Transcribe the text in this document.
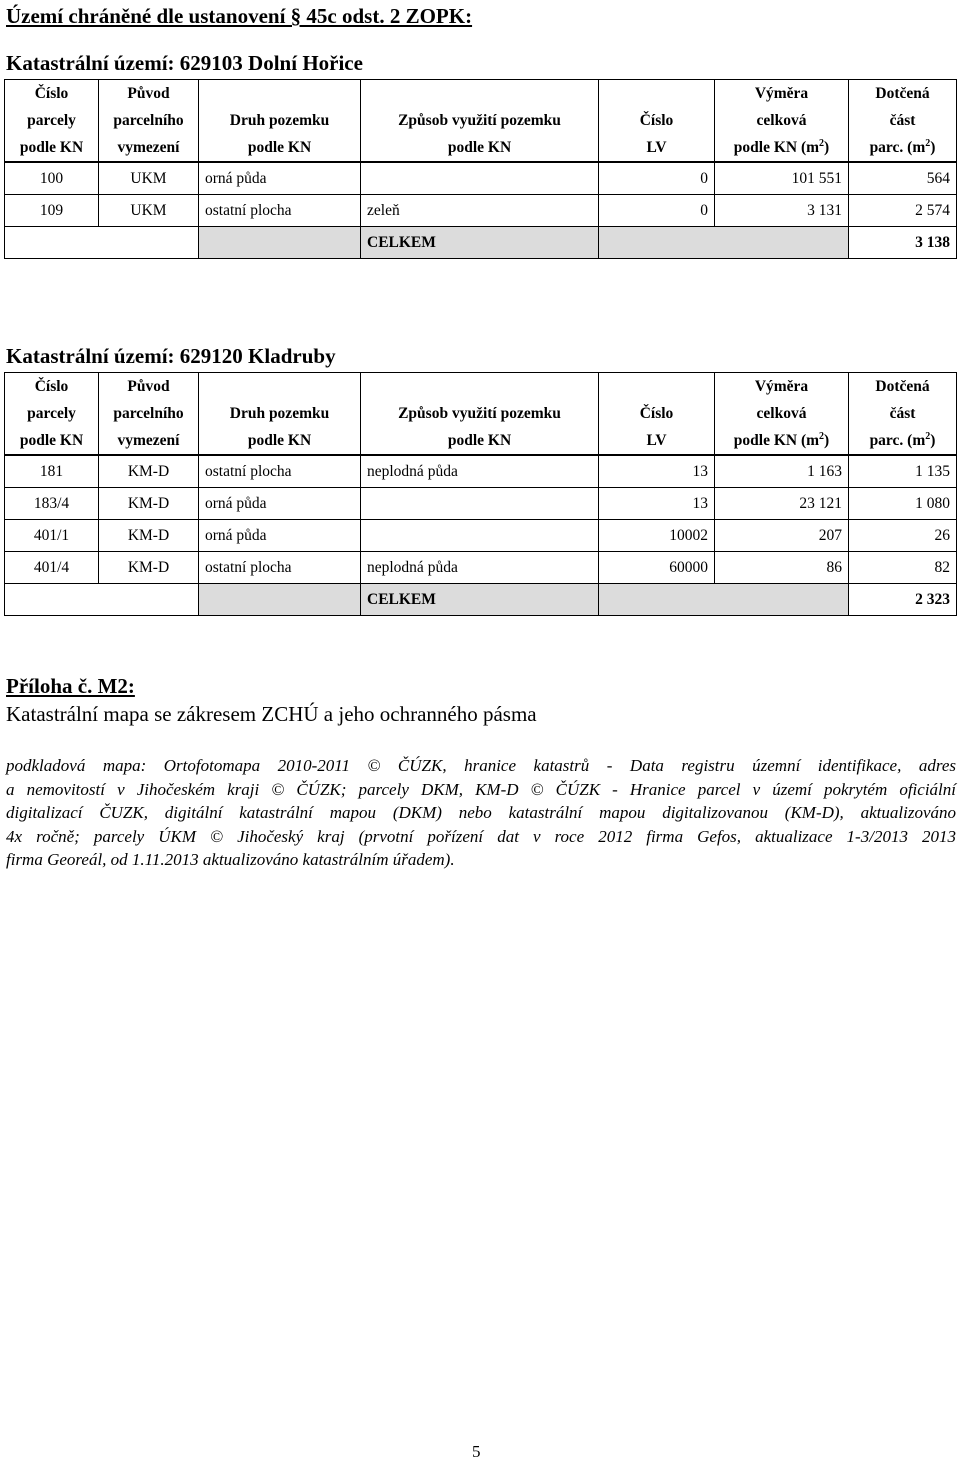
Území chráněné dle ustanovení § 45c odst. 2 ZOPK:
Katastrální území: 629103 Dolní Hořice
Číslo	Původ				Výměra	Dotčená
parcely	parcelního	Druh pozemku	Způsob využití pozemku	Číslo	celková	část
podle KN	vymezení	podle KN	podle KN	LV	podle KN $(m^2)$	parc. $(m^2)$
100	UKM	orná půda		0	101 551	564
109	UKM	ostatní plocha	zeleň	0	3 131	2 574
			CELKEM			3 138
Katastrální území: 629120 Kladruby
Číslo	Původ				Výměra	Dotčená
parcely	parcelního	Druh pozemku	Způsob využití pozemku	Číslo	celková	část
podle KN	vymezení	podle KN	podle KN	LV	podle KN $(m^2)$	parc. $(m^2)$
181	KM-D	ostatní plocha	neplodná půda	13	1 163	1 135
183/4	KM-D	orná půda		13	23 121	1 080
401/1	KM-D	orná půda		10002	207	26
401/4	KM-D	ostatní plocha	neplodná půda	60000	86	82
			CELKEM			2 323
Příloha č. M2:
Katastrální mapa se zákresem ZCHÚ a jeho ochranného pásma

podkladová mapa: Ortofotomapa 2010-2011 © ČÚZK, hranice katastrů - Data registru územní identifikace, adres
a nemovitostí v Jihočeském kraji © ČÚZK; parcely DKM, KM-D © ČÚZK - Hranice parcel v území pokrytém oficiální
digitalizací ČUZK, digitální katastrální mapou (DKM) nebo katastrální mapou digitalizovanou (KM-D), aktualizováno
4x ročně; parcely ÚKM © Jihočeský kraj (prvotní pořízení dat v roce 2012 firma Gefos, aktualizace 1-3/2013 2013
firma Georeál, od 1.11.2013 aktualizováno katastrálním úřadem).

5
